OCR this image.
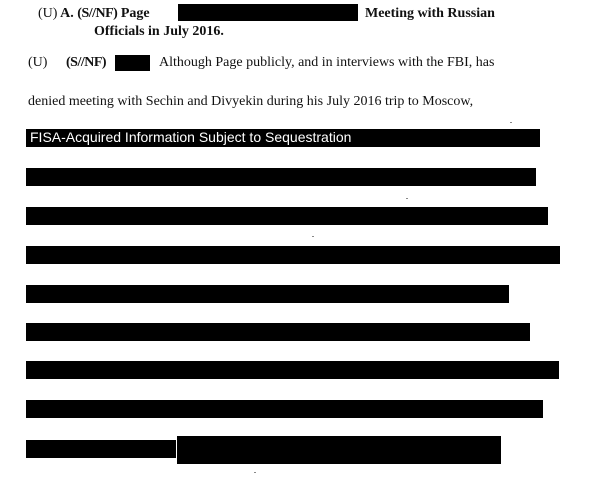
(U) A. (S//NF) Page	Meeting with Russian
Officials in July 2016.
(U) (S//NF)	Although Page publicly, and in interviews with the FBI, has
denied meeting with Sechin and Divyekin during his July 2016 trip to Moscow,
FISA-Acquired Information Subject to Sequestration
